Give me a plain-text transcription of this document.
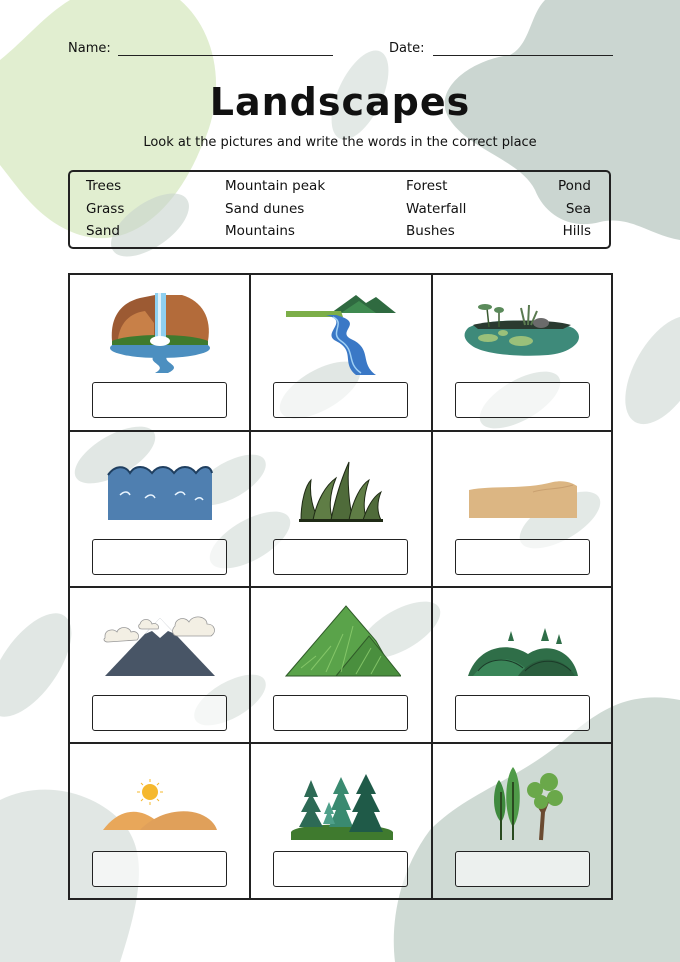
Name:	Date:
Landscapes
Look at the pictures and write the words in the correct place
Trees	Mountain peak	Forest	Pond
Grass	Sand dunes	Waterfall	Sea
Sand	Mountains	Bushes	Hills
